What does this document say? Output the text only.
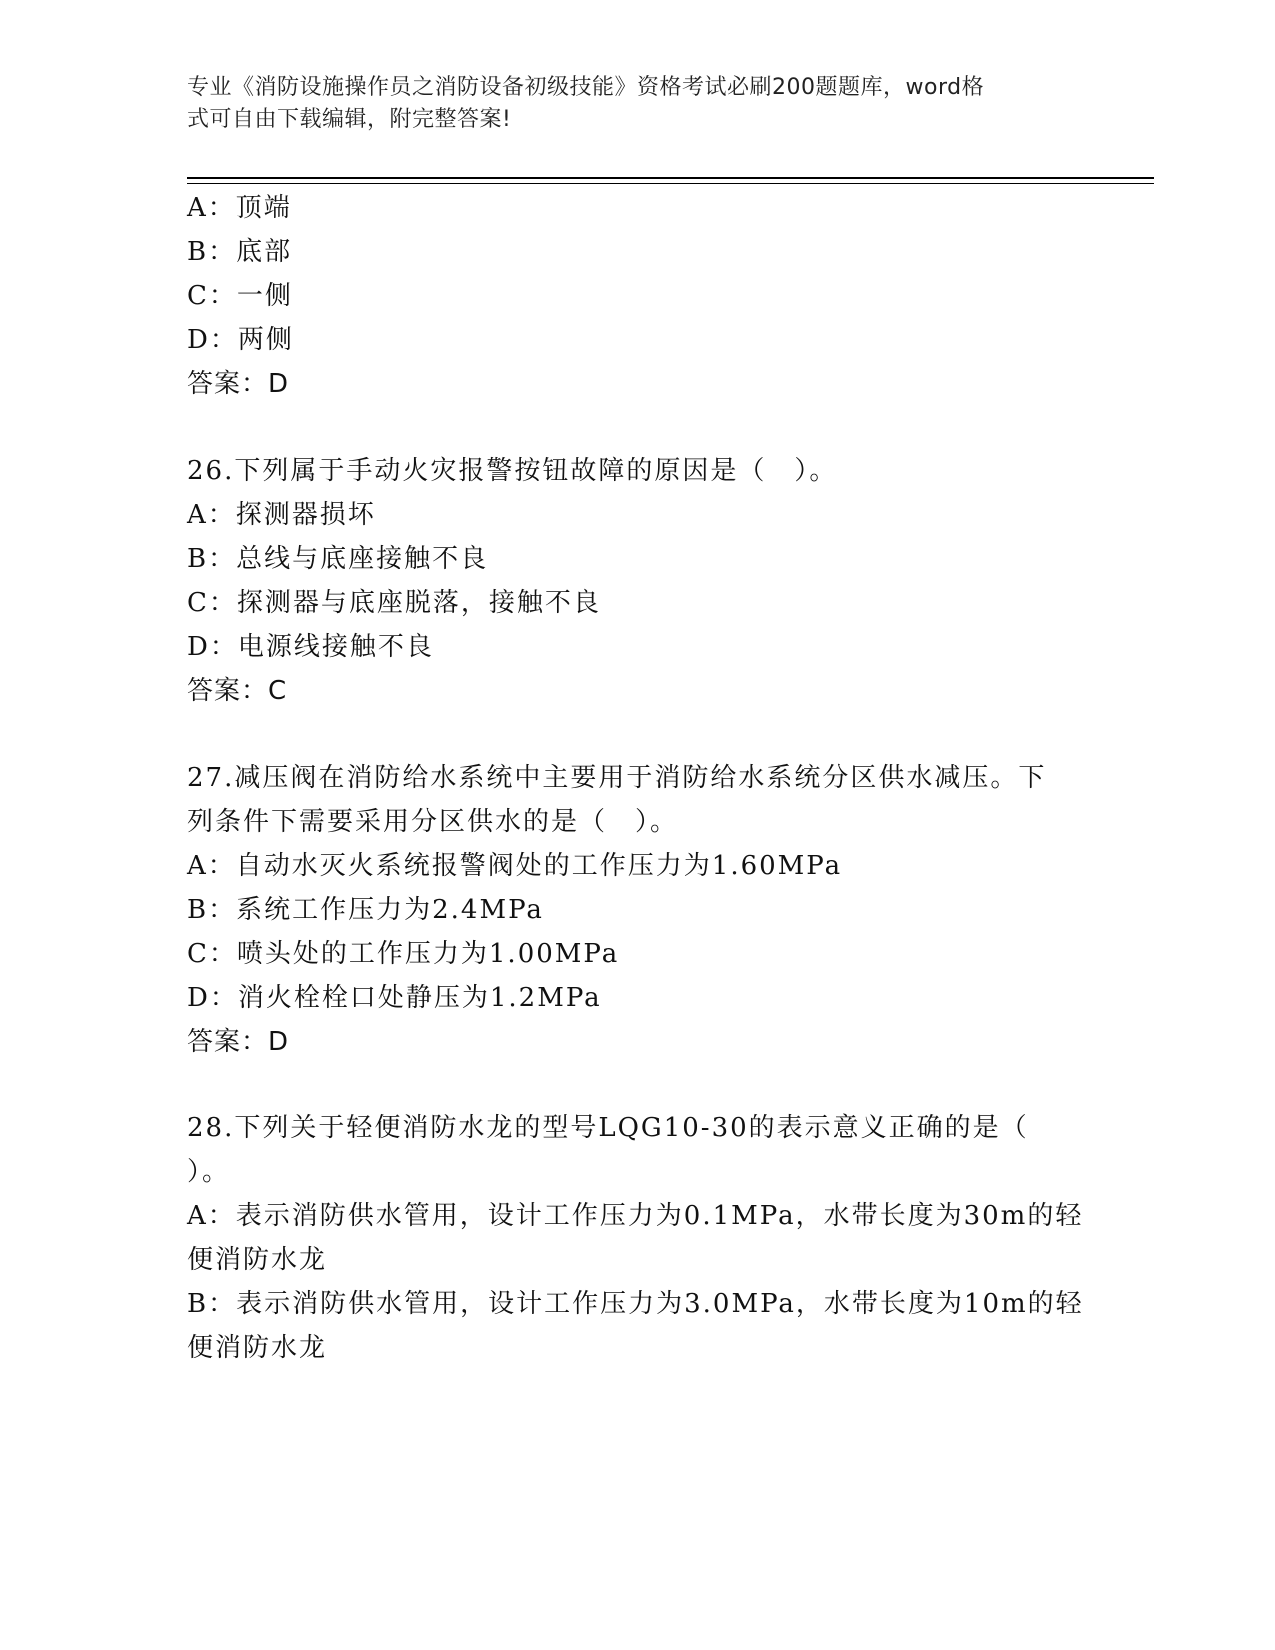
专业《消防设施操作员之消防设备初级技能》资格考试必刷200题题库，word格
式可自由下载编辑，附完整答案!
A：顶端
B：底部
C：一侧
D：两侧
答案：D
26.下列属于手动火灾报警按钮故障的原因是（　）。
A：探测器损坏
B：总线与底座接触不良
C：探测器与底座脱落，接触不良
D：电源线接触不良
答案：C
27.减压阀在消防给水系统中主要用于消防给水系统分区供水减压。下
列条件下需要采用分区供水的是（　）。
A：自动水灭火系统报警阀处的工作压力为1.60MPa
B：系统工作压力为2.4MPa
C：喷头处的工作压力为1.00MPa
D：消火栓栓口处静压为1.2MPa
答案：D
28.下列关于轻便消防水龙的型号LQG10-30的表示意义正确的是（
）。
A：表示消防供水管用，设计工作压力为0.1MPa，水带长度为30m的轻
便消防水龙
B：表示消防供水管用，设计工作压力为3.0MPa，水带长度为10m的轻
便消防水龙
